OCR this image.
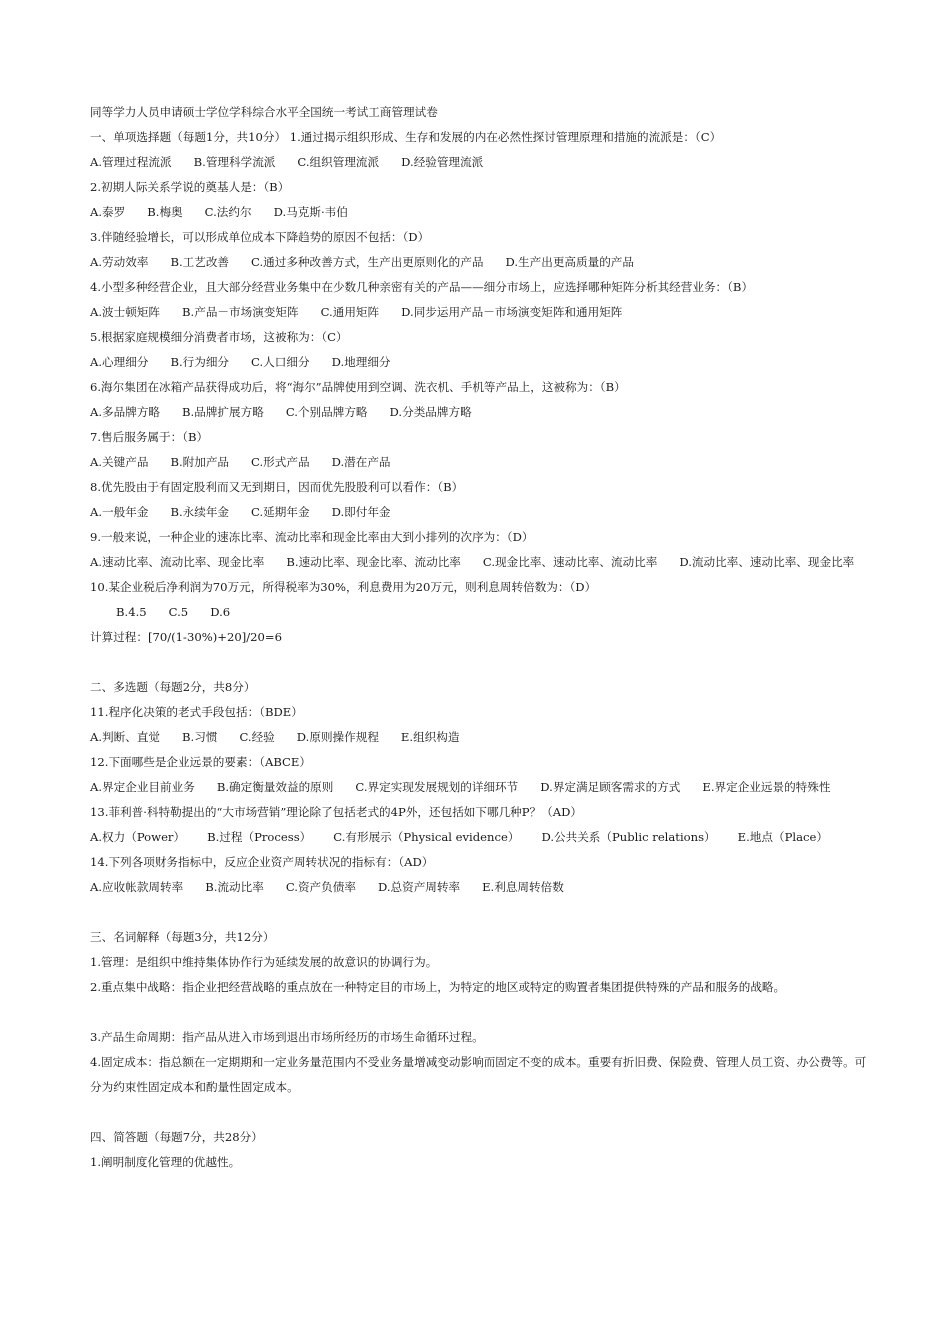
同等学力人员申请硕士学位学科综合水平全国统一考试工商管理试卷
一、单项选择题（每题1分，共10分） 1.通过揭示组织形成、生存和发展的内在必然性探讨管理原理和措施的流派是：（C）
A.管理过程流派 B.管理科学流派 C.组织管理流派 D.经验管理流派
2.初期人际关系学说的奠基人是：（B）
A.泰罗 B.梅奥 C.法约尔 D.马克斯·韦伯
3.伴随经验增长，可以形成单位成本下降趋势的原因不包括：（D）
A.劳动效率 B.工艺改善 C.通过多种改善方式，生产出更原则化的产品 D.生产出更高质量的产品
4.小型多种经营企业，且大部分经营业务集中在少数几种亲密有关的产品——细分市场上，应选择哪种矩阵分析其经营业务：（B）
A.波士顿矩阵 B.产品－市场演变矩阵 C.通用矩阵 D.同步运用产品－市场演变矩阵和通用矩阵
5.根据家庭规模细分消费者市场，这被称为：（C）
A.心理细分 B.行为细分 C.人口细分 D.地理细分
6.海尔集团在冰箱产品获得成功后，将“海尔”品牌使用到空调、洗衣机、手机等产品上，这被称为：（B）
A.多品牌方略 B.品牌扩展方略 C.个别品牌方略 D.分类品牌方略
7.售后服务属于：（B）
A.关键产品 B.附加产品 C.形式产品 D.潜在产品
8.优先股由于有固定股利而又无到期日，因而优先股股利可以看作：（B）
A.一般年金 B.永续年金 C.延期年金 D.即付年金
9.一般来说，一种企业的速冻比率、流动比率和现金比率由大到小排列的次序为：（D）
A.速动比率、流动比率、现金比率 B.速动比率、现金比率、流动比率 C.现金比率、速动比率、流动比率 D.流动比率、速动比率、现金比率
10.某企业税后净利润为70万元，所得税率为30%，利息费用为20万元，则利息周转倍数为：（D）
B.4.5 C.5 D.6
计算过程：[70/(1-30%)+20]/20=6
二、多选题（每题2分，共8分）
11.程序化决策的老式手段包括：（BDE）
A.判断、直觉 B.习惯 C.经验 D.原则操作规程 E.组织构造
12.下面哪些是企业远景的要素：（ABCE）
A.界定企业目前业务 B.确定衡量效益的原则 C.界定实现发展规划的详细环节 D.界定满足顾客需求的方式 E.界定企业远景的特殊性
13.菲利普·科特勒提出的“大市场营销”理论除了包括老式的4P外，还包括如下哪几种P？（AD）
A.权力（Power） B.过程（Process） C.有形展示（Physical evidence） D.公共关系（Public relations） E.地点（Place）
14.下列各项财务指标中，反应企业资产周转状况的指标有：（AD）
A.应收帐款周转率 B.流动比率 C.资产负债率 D.总资产周转率 E.利息周转倍数
三、名词解释（每题3分，共12分）
1.管理：是组织中维持集体协作行为延续发展的故意识的协调行为。
2.重点集中战略：指企业把经营战略的重点放在一种特定目的市场上，为特定的地区或特定的购置者集团提供特殊的产品和服务的战略。
3.产品生命周期：指产品从进入市场到退出市场所经历的市场生命循环过程。
4.固定成本：指总额在一定期期和一定业务量范围内不受业务量增减变动影响而固定不变的成本。重要有折旧费、保险费、管理人员工资、办公费等。可分为约束性固定成本和酌量性固定成本。
四、简答题（每题7分，共28分）
1.阐明制度化管理的优越性。
